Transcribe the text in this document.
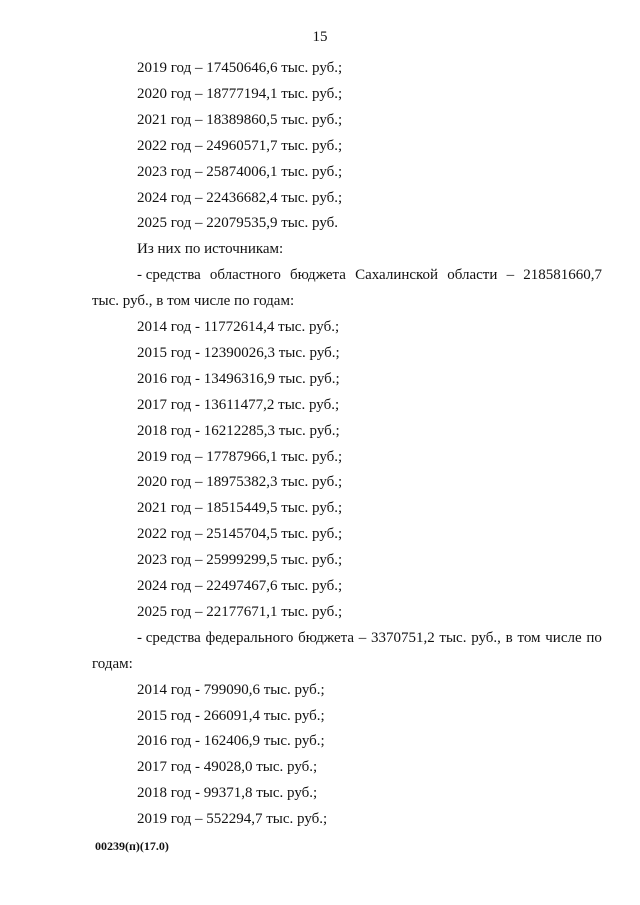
15
2019 год – 17450646,6 тыс. руб.;
2020 год – 18777194,1 тыс. руб.;
2021 год – 18389860,5 тыс. руб.;
2022 год – 24960571,7 тыс. руб.;
2023 год – 25874006,1 тыс. руб.;
2024 год – 22436682,4 тыс. руб.;
2025 год – 22079535,9 тыс. руб.
Из них по источникам:
- средства областного бюджета Сахалинской области – 218581660,7
тыс. руб., в том числе по годам:
2014 год - 11772614,4 тыс. руб.;
2015 год - 12390026,3 тыс. руб.;
2016 год - 13496316,9 тыс. руб.;
2017 год - 13611477,2 тыс. руб.;
2018 год - 16212285,3 тыс. руб.;
2019 год – 17787966,1 тыс. руб.;
2020 год – 18975382,3 тыс. руб.;
2021 год – 18515449,5 тыс. руб.;
2022 год – 25145704,5 тыс. руб.;
2023 год – 25999299,5 тыс. руб.;
2024 год – 22497467,6 тыс. руб.;
2025 год – 22177671,1 тыс. руб.;
- средства федерального бюджета – 3370751,2 тыс. руб., в том числе по
годам:
2014 год - 799090,6 тыс. руб.;
2015 год - 266091,4 тыс. руб.;
2016 год - 162406,9 тыс. руб.;
2017 год - 49028,0 тыс. руб.;
2018 год - 99371,8 тыс. руб.;
2019 год – 552294,7 тыс. руб.;
00239(п)(17.0)
